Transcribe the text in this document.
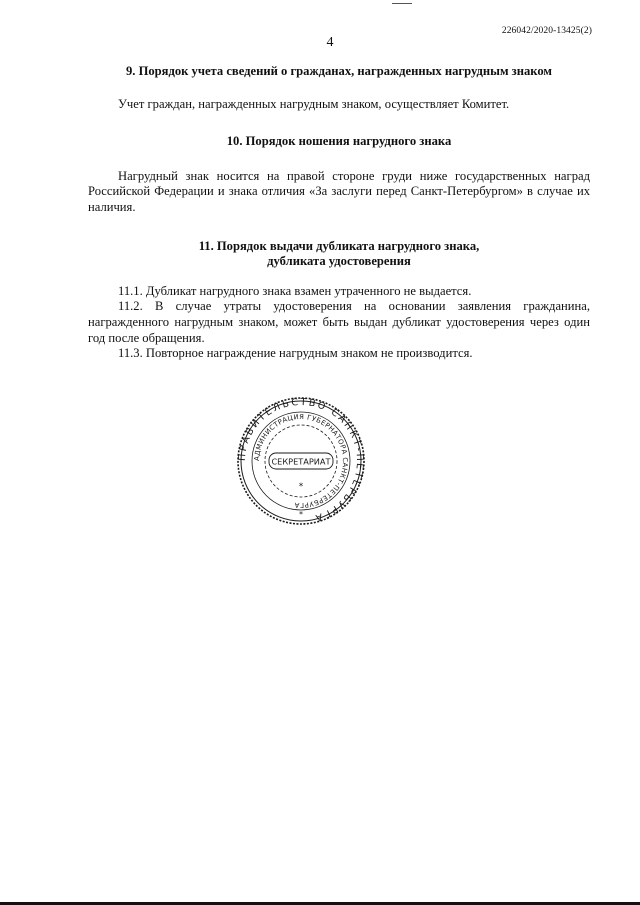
226042/2020-13425(2)
4

9. Порядок учета сведений о гражданах, награжденных нагрудным знаком

Учет граждан, награжденных нагрудным знаком, осуществляет Комитет.

10. Порядок ношения нагрудного знака

Нагрудный знак носится на правой стороне груди ниже государственных наград Российской Федерации и знака отличия «За заслуги перед Санкт-Петербургом» в случае их наличия.

11. Порядок выдачи дубликата нагрудного знака,
дубликата удостоверения

11.1. Дубликат нагрудного знака взамен утраченного не выдается.

11.2. В случае утраты удостоверения на основании заявления гражданина, награжденного нагрудным знаком, может быть выдан дубликат удостоверения через один год после обращения.

11.3. Повторное награждение нагрудным знаком не производится.

ПРАВИТЕЛЬСТВО САНКТ-ПЕТЕРБУРГА
АДМИНИСТРАЦИЯ ГУБЕРНАТОРА САНКТ-ПЕТЕРБУРГА
СЕКРЕТАРИАТ
*
*
